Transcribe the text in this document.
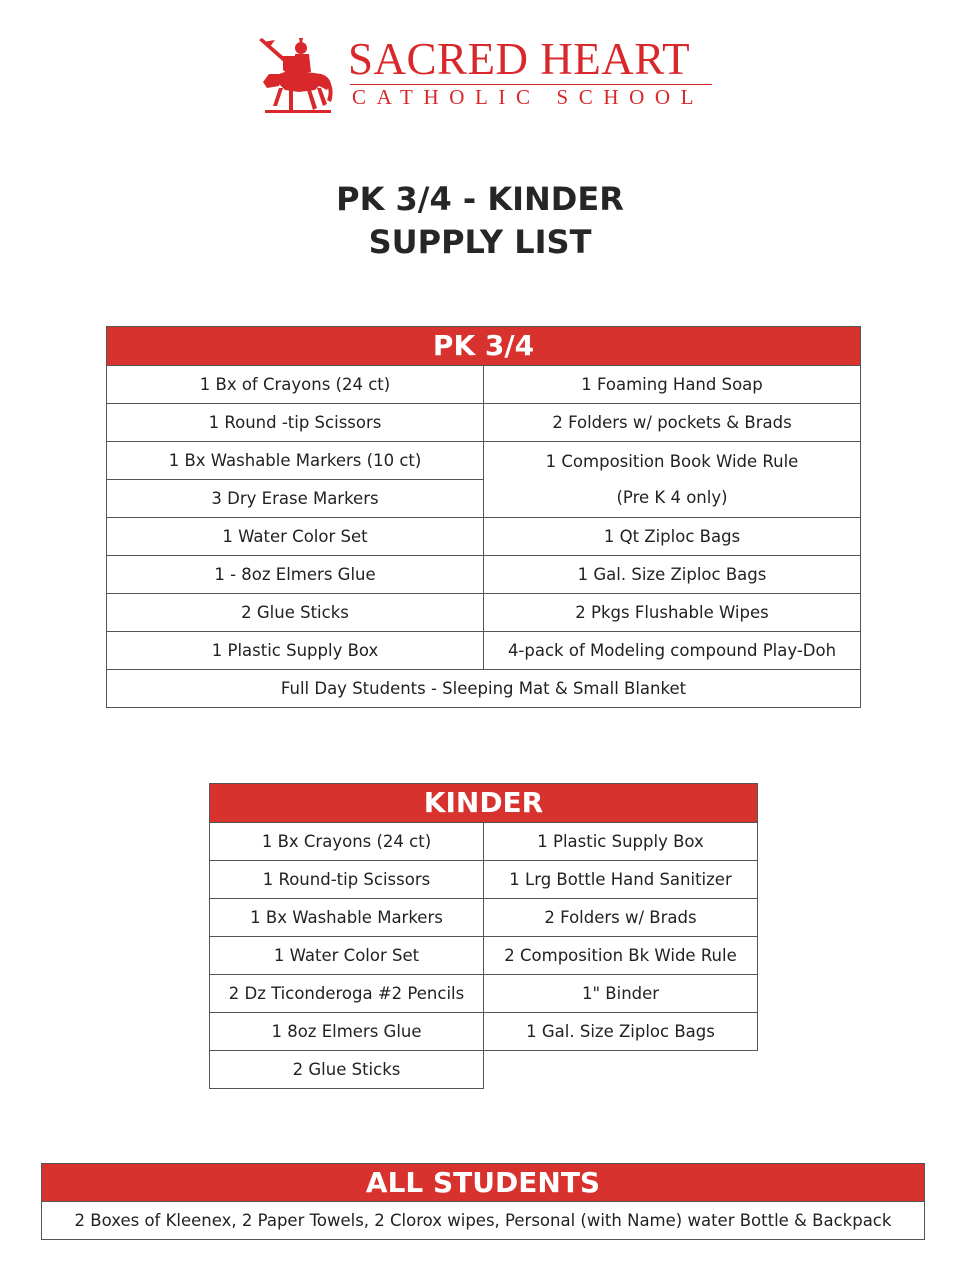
SACRED HEART
CATHOLIC SCHOOL
PK 3/4 - KINDER
SUPPLY LIST
PK 3/4	
1 Bx of Crayons (24 ct)	1 Foaming Hand Soap
1 Round -tip Scissors	2 Folders w/ pockets & Brads
1 Bx Washable Markers (10 ct)	1 Composition Book Wide Rule
(Pre K 4 only)

3 Dry Erase Markers	
1 Water Color Set	1 Qt Ziploc Bags
1 - 8oz Elmers Glue	1 Gal. Size Ziploc Bags
2 Glue Sticks	2 Pkgs Flushable Wipes
1 Plastic Supply Box	4-pack of Modeling compound Play-Doh
Full Day Students - Sleeping Mat & Small Blanket	
KINDER	
1 Bx Crayons (24 ct)	1 Plastic Supply Box
1 Round-tip Scissors	1 Lrg Bottle Hand Sanitizer
1 Bx Washable Markers	2 Folders w/ Brads
1 Water Color Set	2 Composition Bk Wide Rule
2 Dz Ticonderoga #2 Pencils	1" Binder
1 8oz Elmers Glue	1 Gal. Size Ziploc Bags
2 Glue Sticks	
ALL STUDENTS
2 Boxes of Kleenex, 2 Paper Towels, 2 Clorox wipes, Personal (with Name) water Bottle & Backpack
